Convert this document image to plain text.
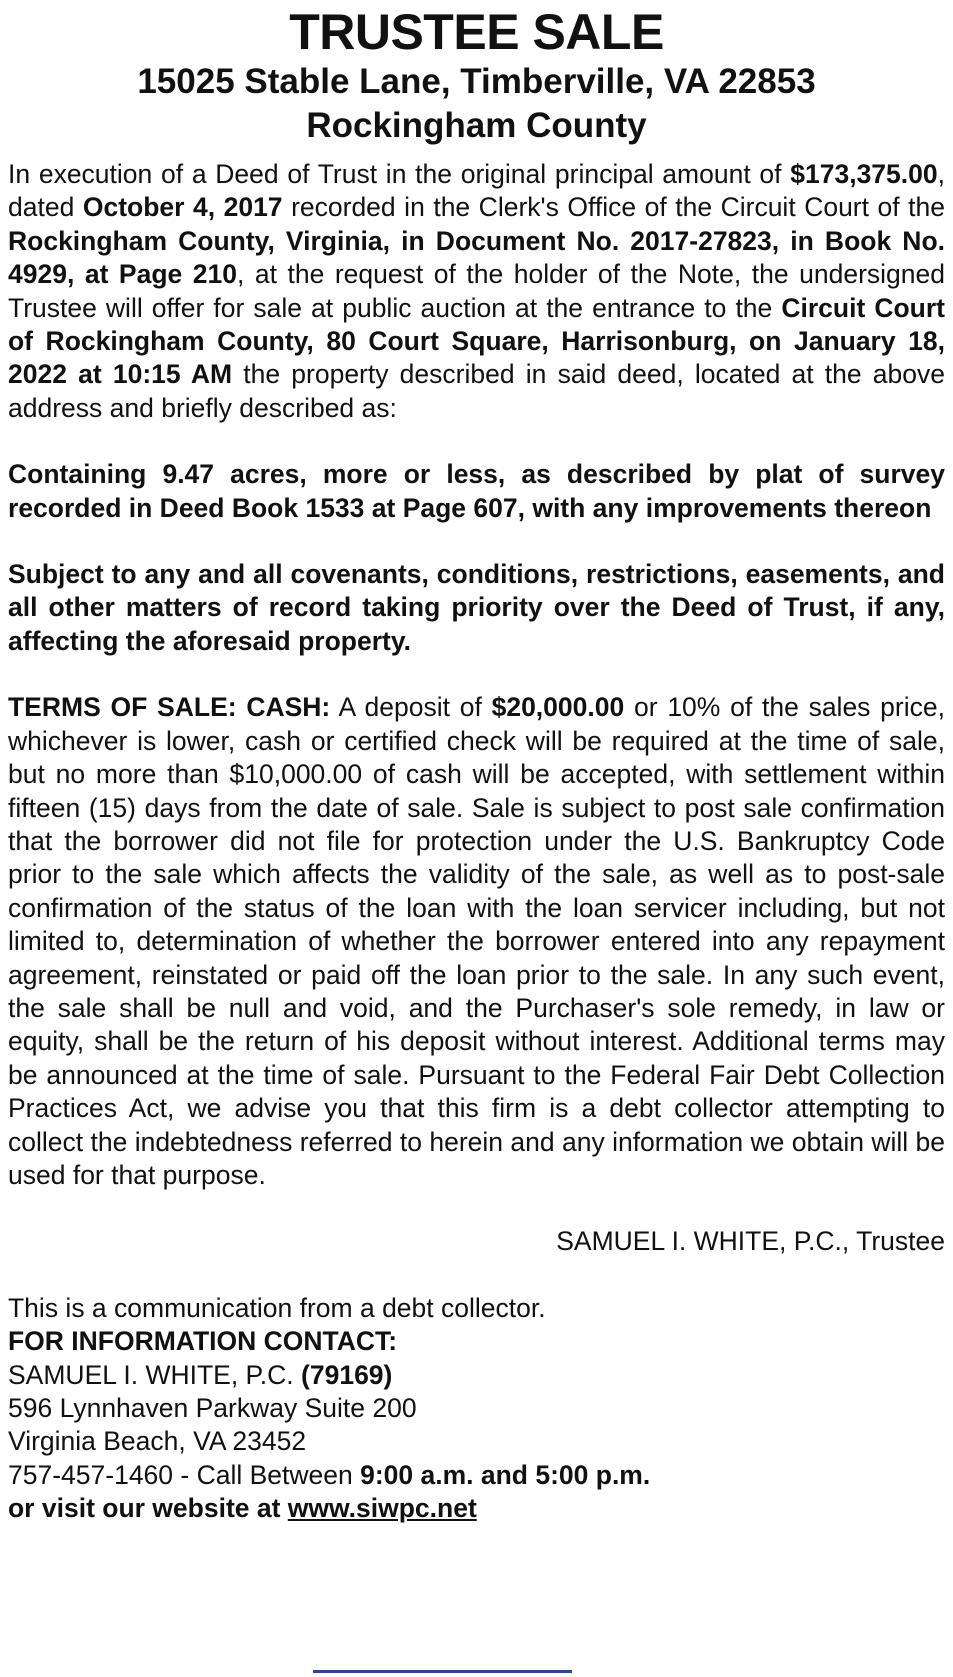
TRUSTEE SALE

15025 Stable Lane, Timberville, VA 22853

Rockingham County

In execution of a Deed of Trust in the original principal amount of $173,375.00, dated October 4, 2017 recorded in the Clerk's Office of the Circuit Court of the Rockingham County, Virginia, in Document No. 2017-27823, in Book No. 4929, at Page 210, at the request of the holder of the Note, the undersigned Trustee will offer for sale at public auction at the entrance to the Circuit Court of Rockingham County, 80 Court Square, Harrisonburg, on January 18, 2022 at 10:15 AM the property described in said deed, located at the above address and briefly described as:

Containing 9.47 acres, more or less, as described by plat of survey recorded in Deed Book 1533 at Page 607, with any improvements thereon

Subject to any and all covenants, conditions, restrictions, easements, and all other matters of record taking priority over the Deed of Trust, if any, affecting the aforesaid property.

TERMS OF SALE: CASH: A deposit of $20,000.00 or 10% of the sales price, whichever is lower, cash or certified check will be required at the time of sale, but no more than $10,000.00 of cash will be accepted, with settlement within fifteen (15) days from the date of sale. Sale is subject to post sale confirmation that the borrower did not file for protection under the U.S. Bankruptcy Code prior to the sale which affects the validity of the sale, as well as to post-sale confirmation of the status of the loan with the loan servicer including, but not limited to, determination of whether the borrower entered into any repayment agreement, reinstated or paid off the loan prior to the sale. In any such event, the sale shall be null and void, and the Purchaser's sole remedy, in law or equity, shall be the return of his deposit without interest. Additional terms may be announced at the time of sale. Pursuant to the Federal Fair Debt Collection Practices Act, we advise you that this firm is a debt collector attempting to collect the indebtedness referred to herein and any information we obtain will be used for that purpose.

SAMUEL I. WHITE, P.C., Trustee

This is a communication from a debt collector.
FOR INFORMATION CONTACT:
SAMUEL I. WHITE, P.C. (79169)
596 Lynnhaven Parkway Suite 200
Virginia Beach, VA 23452
757-457-1460 - Call Between 9:00 a.m. and 5:00 p.m.
or visit our website at www.siwpc.net
